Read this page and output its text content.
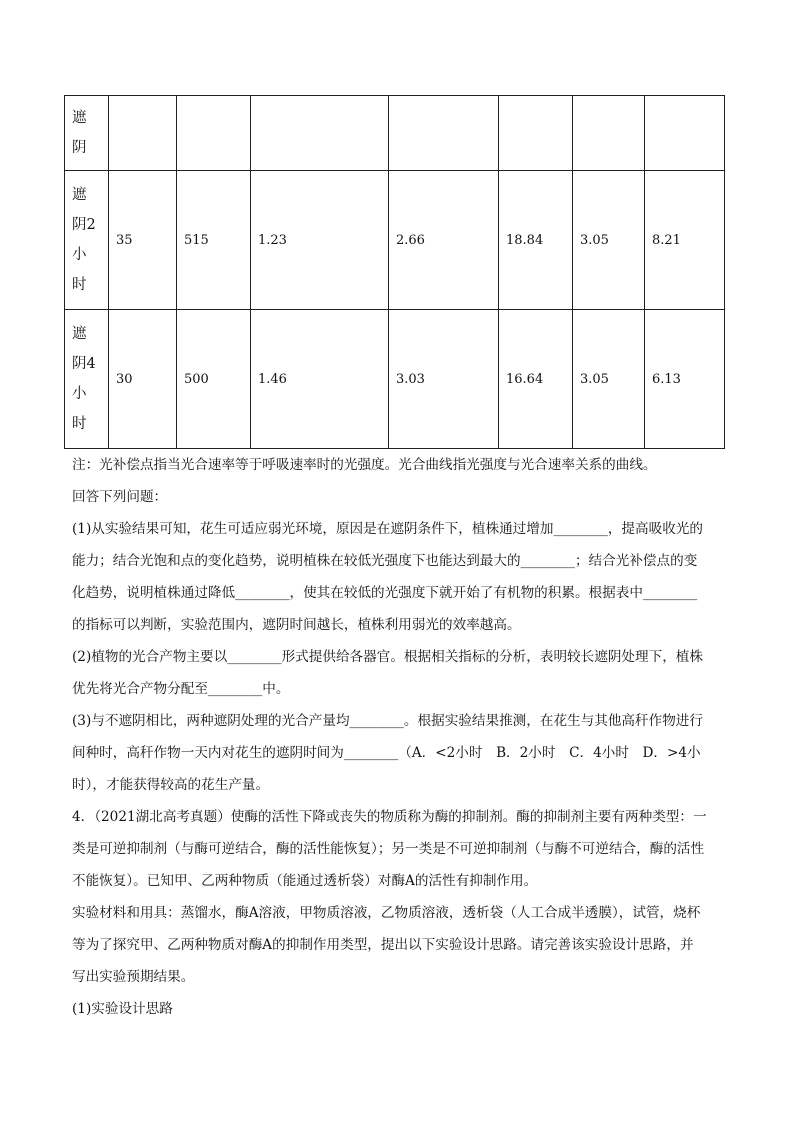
遮
阴							

遮
阴2
小
时	35	515	1.23	2.66	18.84	3.05	8.21

遮
阴4
小
时	30	500	1.46	3.03	16.64	3.05	6.13
注：光补偿点指当光合速率等于呼吸速率时的光强度。光合曲线指光强度与光合速率关系的曲线。
回答下列问题：
(1)从实验结果可知，花生可适应弱光环境，原因是在遮阴条件下，植株通过增加________，提高吸收光的
能力；结合光饱和点的变化趋势，说明植株在较低光强度下也能达到最大的________；结合光补偿点的变
化趋势，说明植株通过降低________，使其在较低的光强度下就开始了有机物的积累。根据表中________
的指标可以判断，实验范围内，遮阴时间越长，植株利用弱光的效率越高。
(2)植物的光合产物主要以________形式提供给各器官。根据相关指标的分析，表明较长遮阴处理下，植株
优先将光合产物分配至________中。
(3)与不遮阴相比，两种遮阴处理的光合产量均________。根据实验结果推测，在花生与其他高秆作物进行
间种时，高秆作物一天内对花生的遮阴时间为________（A．<2小时　B．2小时　C．4小时　D．>4小
时），才能获得较高的花生产量。
4．（2021湖北高考真题）使酶的活性下降或丧失的物质称为酶的抑制剂。酶的抑制剂主要有两种类型：一
类是可逆抑制剂（与酶可逆结合，酶的活性能恢复）；另一类是不可逆抑制剂（与酶不可逆结合，酶的活性
不能恢复）。已知甲、乙两种物质（能通过透析袋）对酶A的活性有抑制作用。
实验材料和用具：蒸馏水，酶A溶液，甲物质溶液，乙物质溶液，透析袋（人工合成半透膜），试管，烧杯
等为了探究甲、乙两种物质对酶A的抑制作用类型，提出以下实验设计思路。请完善该实验设计思路，并
写出实验预期结果。
(1)实验设计思路
